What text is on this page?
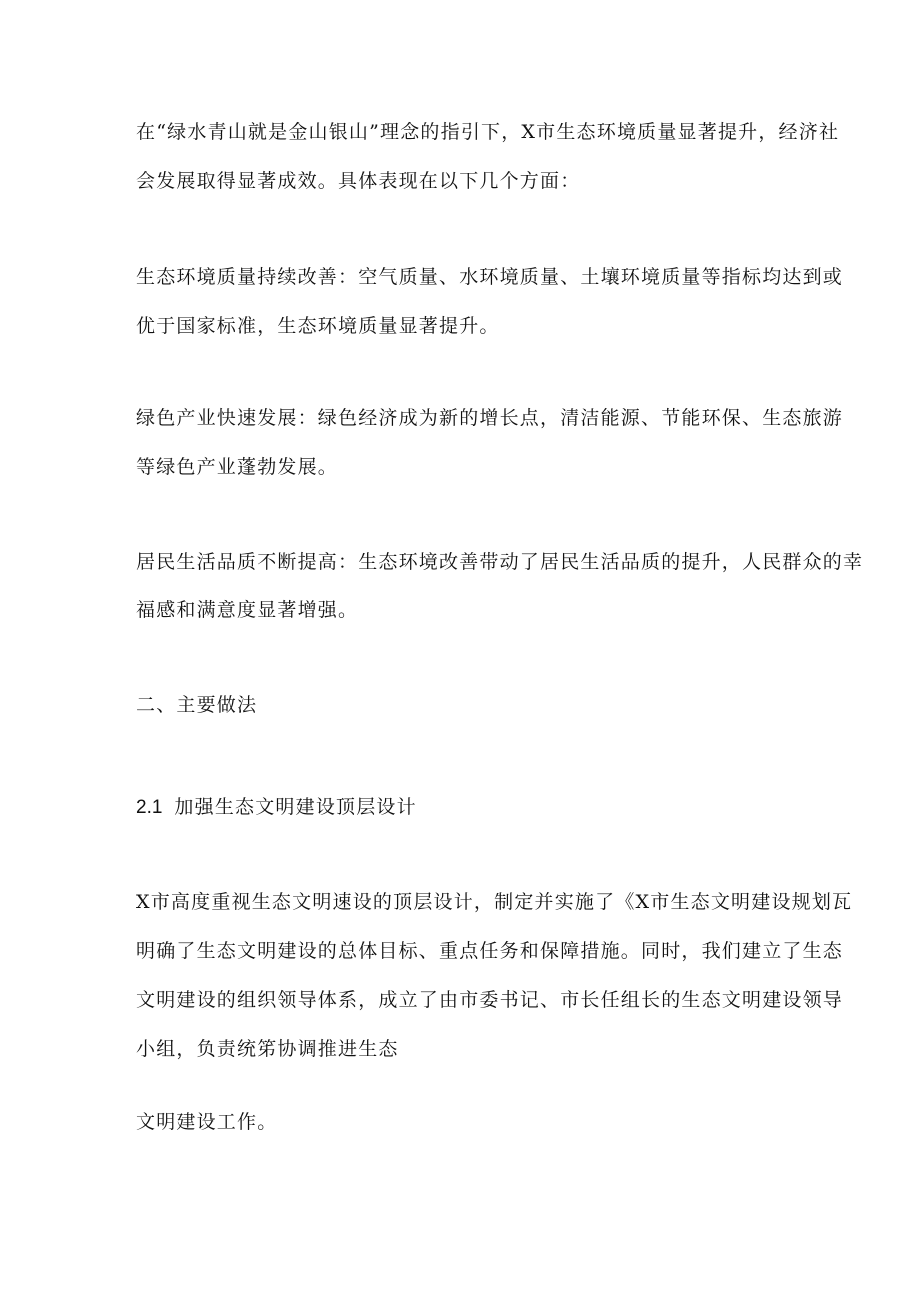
在“绿水青山就是金山银山”理念的指引下，X市生态环境质量显著提升，经济社
会发展取得显著成效。具体表现在以下几个方面：
生态环境质量持续改善：空气质量、水环境质量、土壤环境质量等指标均达到或
优于国家标准，生态环境质量显著提升。
绿色产业快速发展：绿色经济成为新的增长点，清洁能源、节能环保、生态旅游
等绿色产业蓬勃发展。
居民生活品质不断提高：生态环境改善带动了居民生活品质的提升，人民群众的幸
福感和满意度显著增强。
二、主要做法
2.1 加强生态文明建设顶层设计
X市高度重视生态文明速设的顶层设计，制定并实施了《X市生态文明建设规划瓦
明确了生态文明建设的总体目标、重点任务和保障措施。同时，我们建立了生态
文明建设的组织领导体系，成立了由市委书记、市长任组长的生态文明建设领导
小组，负责统笫协调推进生态
文明建设工作。
